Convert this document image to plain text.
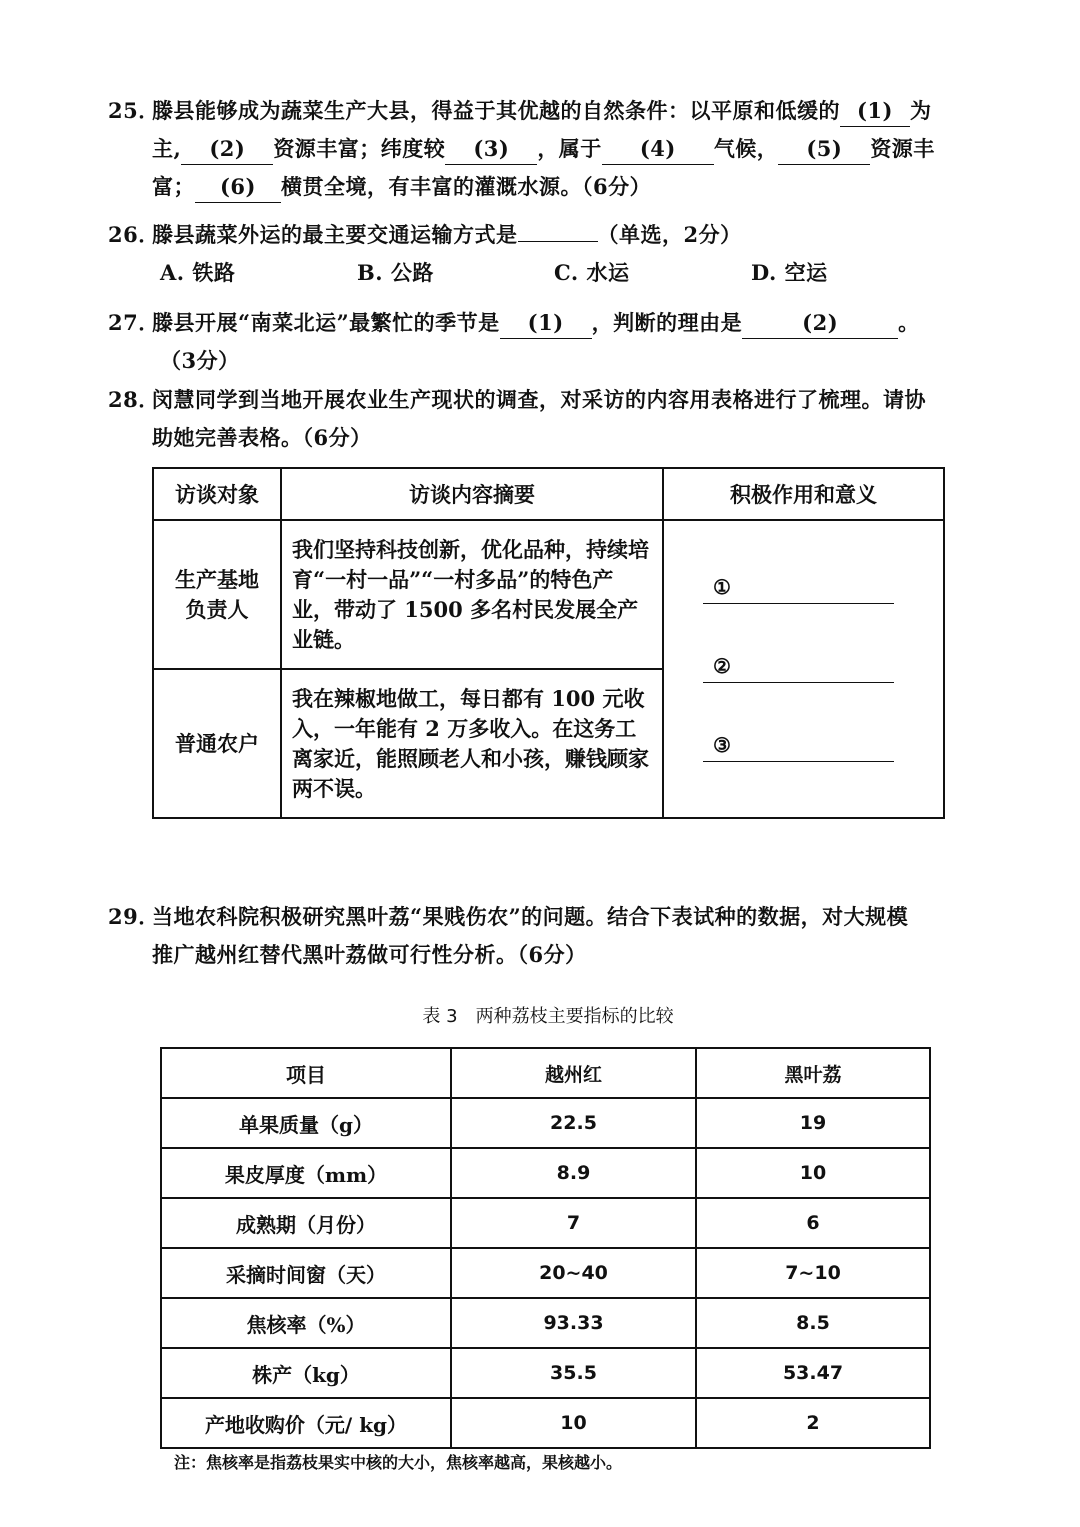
25．滕县能够成为蔬菜生产大县，得益于其优越的自然条件：以平原和低缓的 (1) 为
主, (2) 资源丰富；纬度较 (3) ，属于 (4) 气候， (5) 资源丰
富； (6) 横贯全境，有丰富的灌溉水源。（6分）
26．滕县蔬菜外运的最主要交通运输方式是	（单选，2分）
A. 铁路	B. 公路	C. 水运	D. 空运
27．滕县开展“南菜北运”最繁忙的季节是 (1) ，判断的理由是	(2)	。
（3分）
28．闵慧同学到当地开展农业生产现状的调查，对采访的内容用表格进行了梳理。请协
助她完善表格。（6分）
访谈对象	访谈内容摘要	积极作用和意义

生产基地负责人	我们坚持科技创新，优化品种，持续培育“一村一品”“一村多品”的特色产业，带动了 1500 多名村民发展全产业链。	①
②
③

普通农户	我在辣椒地做工，每日都有 100 元收入，一年能有 2 万多收入。在这务工离家近，能照顾老人和小孩，赚钱顾家两不误。	
29．当地农科院积极研究黑叶荔“果贱伤农”的问题。结合下表试种的数据，对大规模
推广越州红替代黑叶荔做可行性分析。（6分）
表 3　两种荔枝主要指标的比较
项目	越州红	黑叶荔
单果质量（g）	22.5	19
果皮厚度（mm）	8.9	10
成熟期（月份）	7	6
采摘时间窗（天）	20~40	7~10
焦核率（%）	93.33	8.5
株产（kg）	35.5	53.47
产地收购价（元/ kg）	10	2
注：焦核率是指荔枝果实中核的大小，焦核率越高，果核越小。
